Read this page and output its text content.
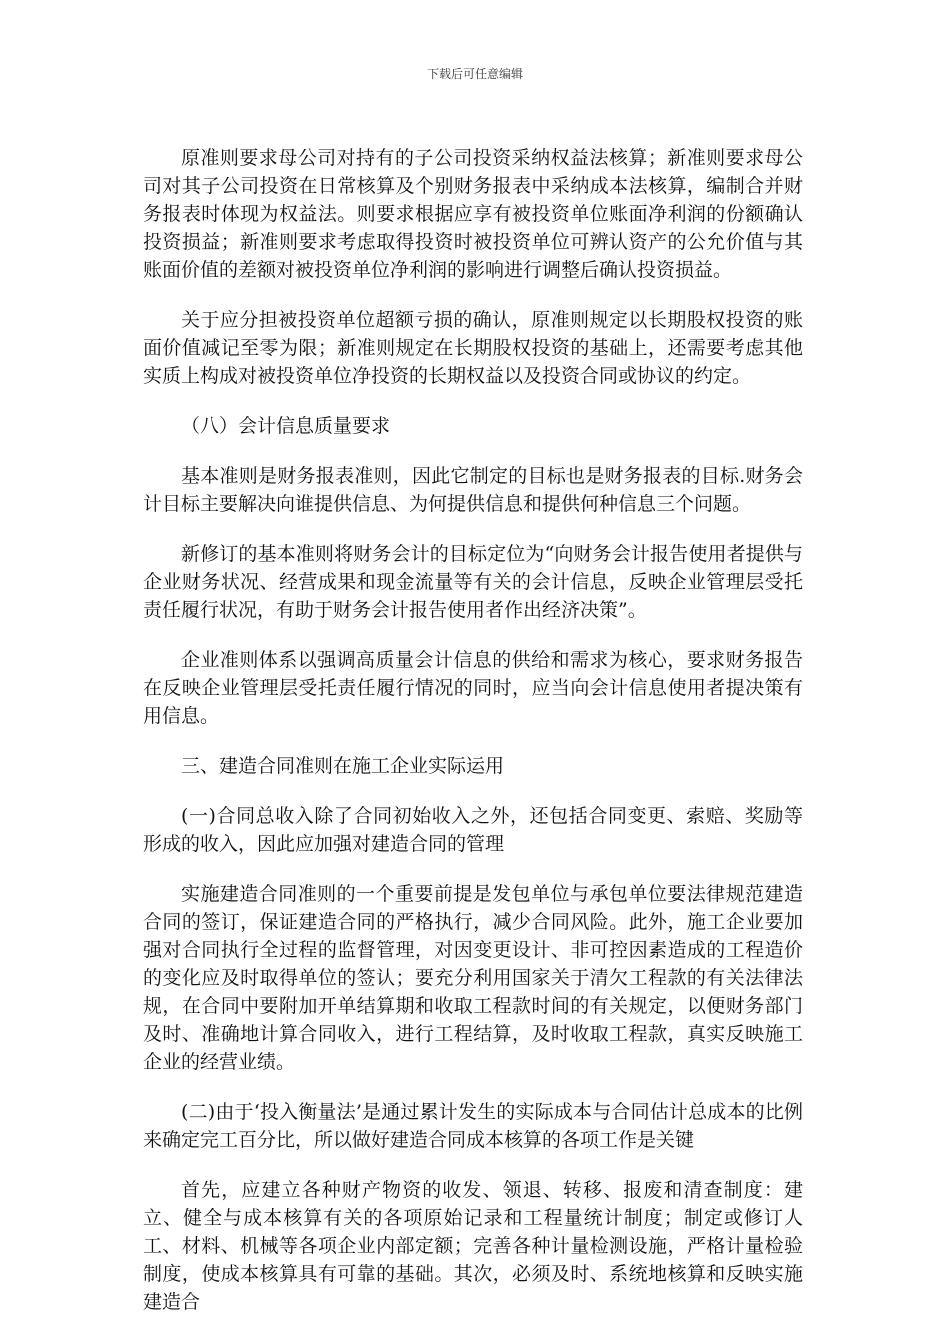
下载后可任意编辑

原准则要求母公司对持有的子公司投资采纳权益法核算；新准则要求母公司对其子公司投资在日常核算及个别财务报表中采纳成本法核算，编制合并财务报表时体现为权益法。则要求根据应享有被投资单位账面净利润的份额确认投资损益；新准则要求考虑取得投资时被投资单位可辨认资产的公允价值与其账面价值的差额对被投资单位净利润的影响进行调整后确认投资损益。

关于应分担被投资单位超额亏损的确认，原准则规定以长期股权投资的账面价值减记至零为限；新准则规定在长期股权投资的基础上，还需要考虑其他实质上构成对被投资单位净投资的长期权益以及投资合同或协议的约定。

（八）会计信息质量要求

基本准则是财务报表准则，因此它制定的目标也是财务报表的目标.财务会计目标主要解决向谁提供信息、为何提供信息和提供何种信息三个问题。

新修订的基本准则将财务会计的目标定位为“向财务会计报告使用者提供与企业财务状况、经营成果和现金流量等有关的会计信息，反映企业管理层受托责任履行状况，有助于财务会计报告使用者作出经济决策”。

企业准则体系以强调高质量会计信息的供给和需求为核心，要求财务报告在反映企业管理层受托责任履行情况的同时，应当向会计信息使用者提决策有用信息。

三、建造合同准则在施工企业实际运用

(一)合同总收入除了合同初始收入之外，还包括合同变更、索赔、奖励等形成的收入，因此应加强对建造合同的管理

实施建造合同准则的一个重要前提是发包单位与承包单位要法律规范建造合同的签订，保证建造合同的严格执行，减少合同风险。此外，施工企业要加强对合同执行全过程的监督管理，对因变更设计、非可控因素造成的工程造价的变化应及时取得单位的签认；要充分利用国家关于清欠工程款的有关法律法规，在合同中要附加开单结算期和收取工程款时间的有关规定，以便财务部门及时、准确地计算合同收入，进行工程结算，及时收取工程款，真实反映施工企业的经营业绩。

(二)由于‘投入衡量法’是通过累计发生的实际成本与合同估计总成本的比例来确定完工百分比，所以做好建造合同成本核算的各项工作是关键

首先，应建立各种财产物资的收发、领退、转移、报废和清查制度：建立、健全与成本核算有关的各项原始记录和工程量统计制度；制定或修订人工、材料、机械等各项企业内部定额；完善各种计量检测设施，严格计量检验制度，使成本核算具有可靠的基础。其次，必须及时、系统地核算和反映实施建造合
